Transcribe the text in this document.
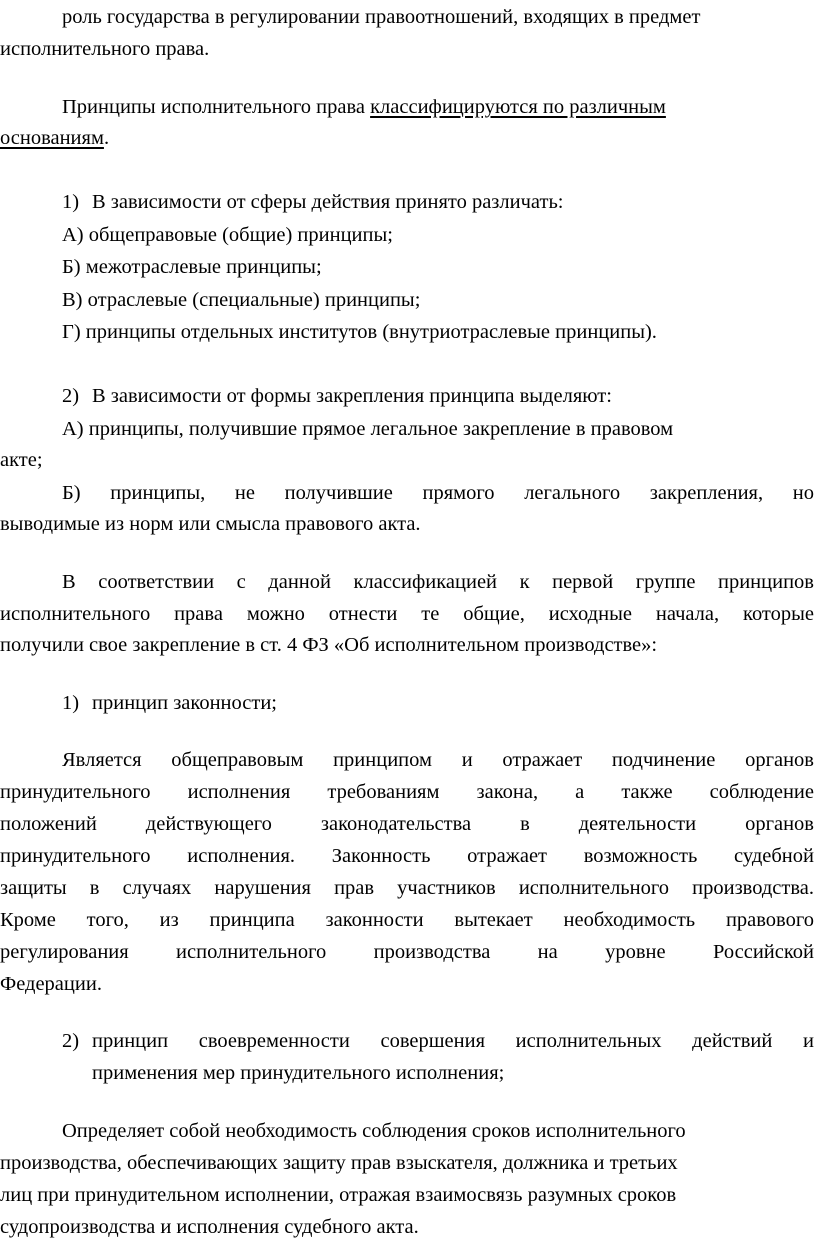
роль государства в регулировании правоотношений, входящих в предмет
исполнительного права.
Принципы исполнительного права классифицируются по различным
основаниям.
1) В зависимости от сферы действия принято различать:
А) общеправовые (общие) принципы;
Б) межотраслевые принципы;
В) отраслевые (специальные) принципы;
Г) принципы отдельных институтов (внутриотраслевые принципы).
2) В зависимости от формы закрепления принципа выделяют:
А) принципы, получившие прямое легальное закрепление в правовом
акте;
Б) принципы, не получившие прямого легального закрепления, но
выводимые из норм или смысла правового акта.
В соответствии с данной классификацией к первой группе принципов
исполнительного права можно отнести те общие, исходные начала, которые
получили свое закрепление в ст. 4 ФЗ «Об исполнительном производстве»:
1) принцип законности;
Является общеправовым принципом и отражает подчинение органов
принудительного исполнения требованиям закона, а также соблюдение
положений действующего законодательства в деятельности органов
принудительного исполнения. Законность отражает возможность судебной
защиты в случаях нарушения прав участников исполнительного производства.
Кроме того, из принципа законности вытекает необходимость правового
регулирования исполнительного производства на уровне Российской
Федерации.
2) принцип своевременности совершения исполнительных действий и
применения мер принудительного исполнения;
Определяет собой необходимость соблюдения сроков исполнительного
производства, обеспечивающих защиту прав взыскателя, должника и третьих
лиц при принудительном исполнении, отражая взаимосвязь разумных сроков
судопроизводства и исполнения судебного акта.
